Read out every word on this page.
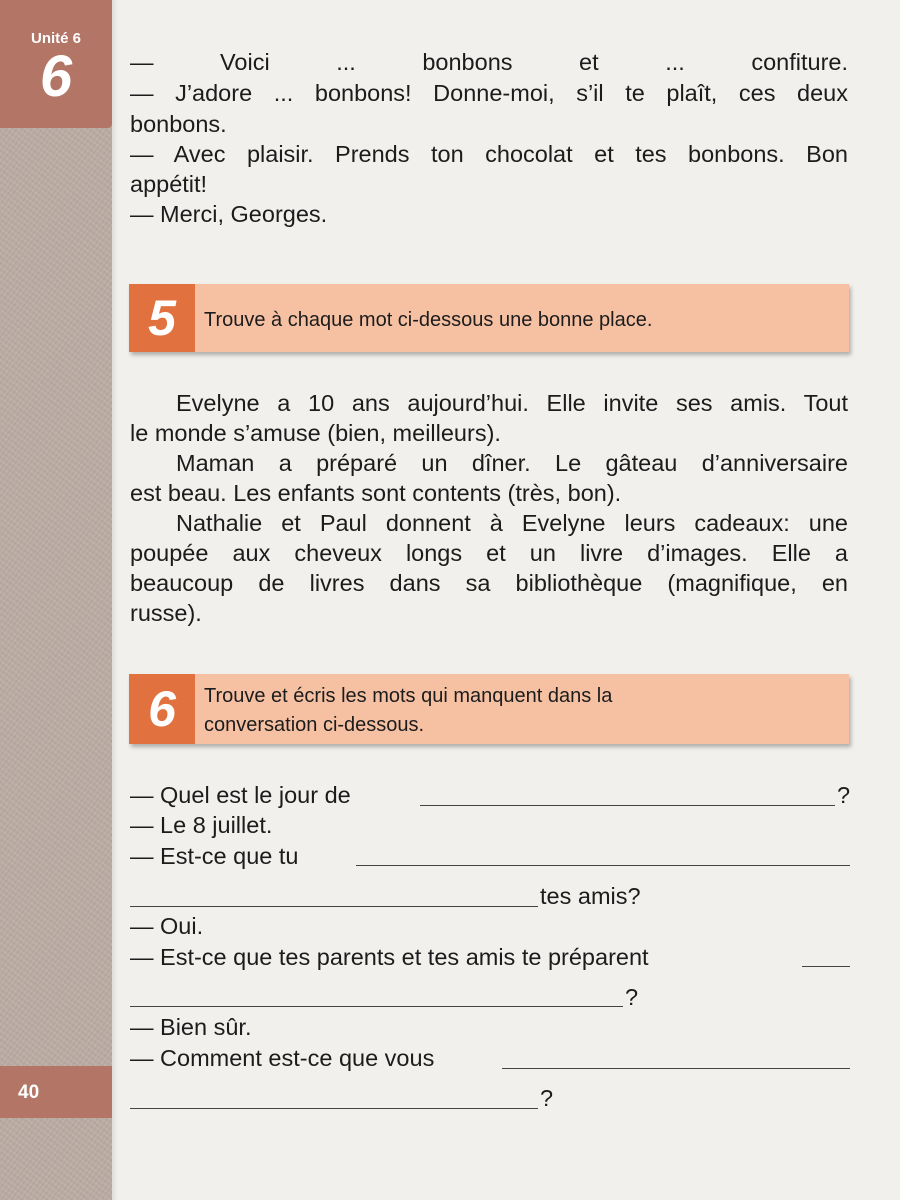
Unité 6
6
40
— Voici ... bonbons et ... confiture.
— J’adore ... bonbons! Donne-moi, s’il te plaît, ces deux
bonbons.
— Avec plaisir. Prends ton chocolat et tes bonbons. Bon
appétit!
— Merci, Georges.
5	Trouve à chaque mot ci-dessous une bonne place.
Evelyne a 10 ans aujourd’hui. Elle invite ses amis. Tout
le monde s’amuse (bien, meilleurs).
Maman a préparé un dîner. Le gâteau d’anniversaire
est beau. Les enfants sont contents (très, bon).
Nathalie et Paul donnent à Evelyne leurs cadeaux: une
poupée aux cheveux longs et un livre d’images. Elle a
beaucoup de livres dans sa bibliothèque (magnifique, en
russe).
6	Trouve et écris les mots qui manquent dans la
conversation ci-dessous.
— Quel est le jour de	?
— Le 8 juillet.
— Est-ce que tu
tes amis?
— Oui.
— Est-ce que tes parents et tes amis te préparent
?
— Bien sûr.
— Comment est-ce que vous
?
